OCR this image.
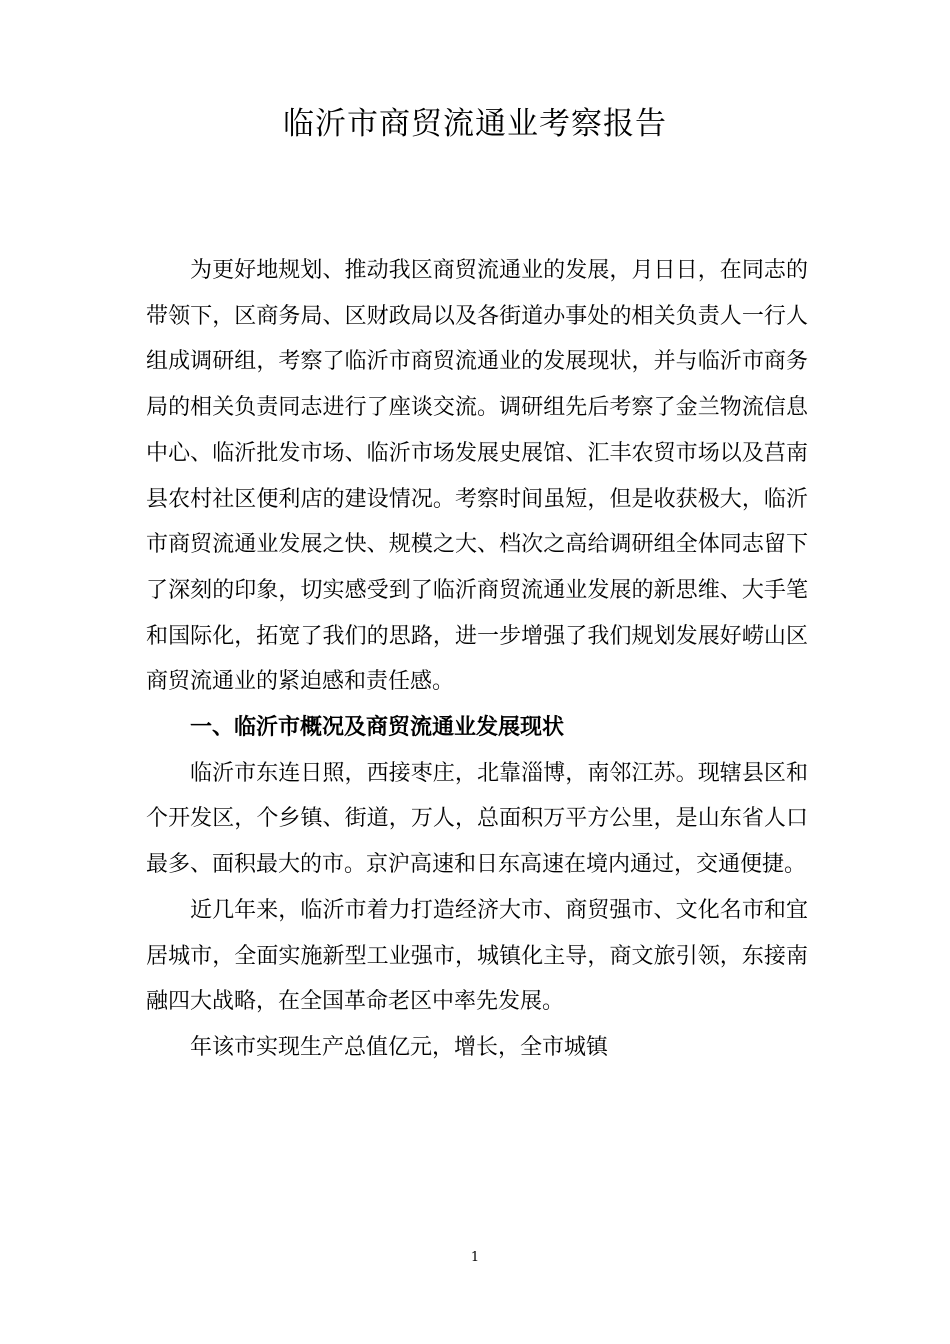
临沂市商贸流通业考察报告

为更好地规划、推动我区商贸流通业的发展，月日日，在同志的带领下，区商务局、区财政局以及各街道办事处的相关负责人一行人组成调研组，考察了临沂市商贸流通业的发展现状，并与临沂市商务局的相关负责同志进行了座谈交流。调研组先后考察了金兰物流信息中心、临沂批发市场、临沂市场发展史展馆、汇丰农贸市场以及莒南县农村社区便利店的建设情况。考察时间虽短，但是收获极大，临沂市商贸流通业发展之快、规模之大、档次之高给调研组全体同志留下了深刻的印象，切实感受到了临沂商贸流通业发展的新思维、大手笔和国际化，拓宽了我们的思路，进一步增强了我们规划发展好崂山区商贸流通业的紧迫感和责任感。

一、临沂市概况及商贸流通业发展现状

临沂市东连日照，西接枣庄，北靠淄博，南邻江苏。现辖县区和个开发区，个乡镇、街道，万人，总面积万平方公里，是山东省人口最多、面积最大的市。京沪高速和日东高速在境内通过，交通便捷。

近几年来，临沂市着力打造经济大市、商贸强市、文化名市和宜居城市，全面实施新型工业强市，城镇化主导，商文旅引领，东接南融四大战略，在全国革命老区中率先发展。

年该市实现生产总值亿元，增长，全市城镇

1
